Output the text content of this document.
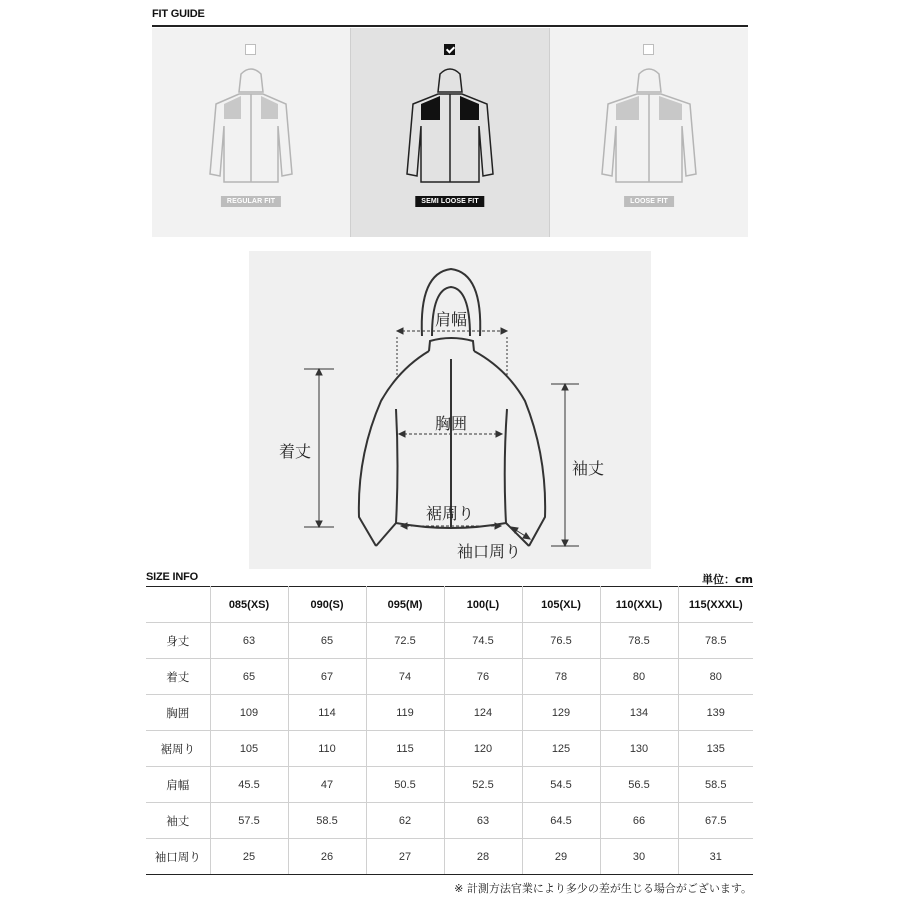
FIT GUIDE
REGULAR FIT	SEMI LOOSE FIT	LOOSE FIT
肩幅
胸囲
着丈
袖丈
裾周り
袖口周り
SIZE INFO	単位：cm
	085(XS)	090(S)	095(M)	100(L)	105(XL)	110(XXL)	115(XXXL)
身丈	63	65	72.5	74.5	76.5	78.5	78.5
着丈	65	67	74	76	78	80	80
胸囲	109	114	119	124	129	134	139
裾周り	105	110	115	120	125	130	135
肩幅	45.5	47	50.5	52.5	54.5	56.5	58.5
袖丈	57.5	58.5	62	63	64.5	66	67.5
袖口周り	25	26	27	28	29	30	31
※ 計測方法官業により多少の差が生じる場合がございます。
